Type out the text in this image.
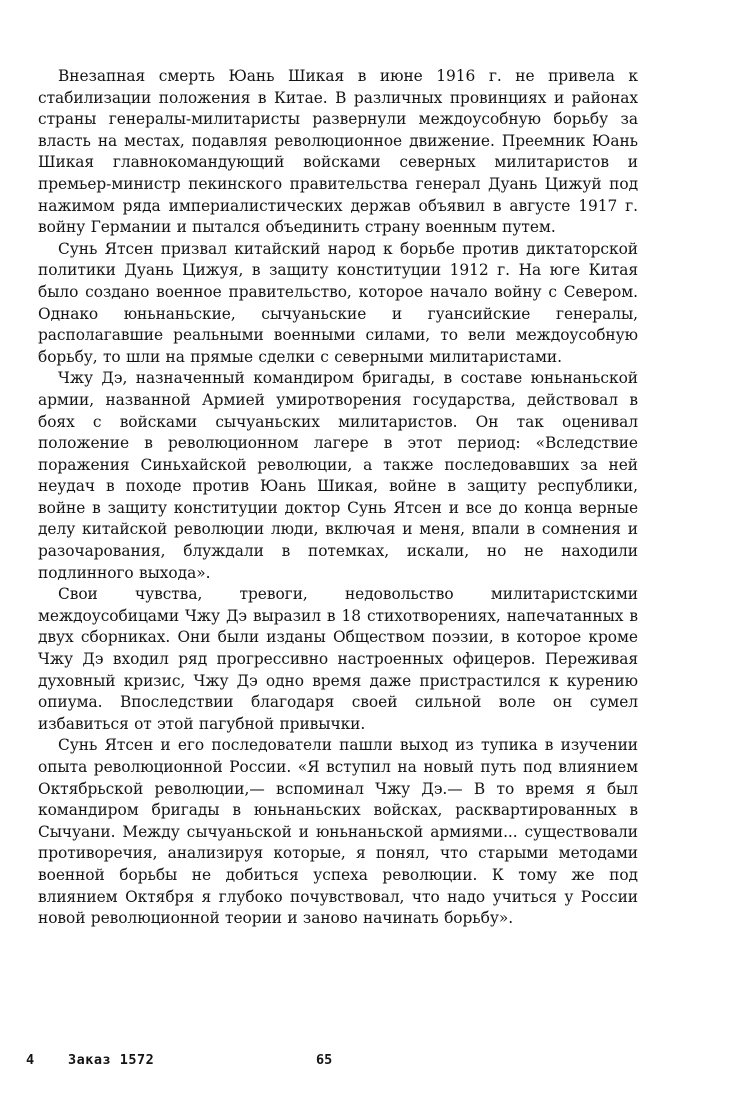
Внезапная смерть Юань Шикая в июне 1916 г. не привела к стабилизации положения в Китае. В различных провинциях и районах страны генералы-милитаристы развернули междоусобную борьбу за власть на местах, подавляя революционное движение. Преемник Юань Шикая главнокомандующий войсками северных милитаристов и премьер-министр пекинского правительства генерал Дуань Цижуй под нажимом ряда империалистических держав объявил в августе 1917 г. войну Германии и пытался объединить страну военным путем.

Сунь Ятсен призвал китайский народ к борьбе против диктаторской политики Дуань Цижуя, в защиту конституции 1912 г. На юге Китая было создано военное правительство, которое начало войну с Севером. Однако юньнаньские, сычуаньские и гуансийские генералы, располагавшие реальными военными силами, то вели междоусобную борьбу, то шли на прямые сделки с северными милитаристами.

Чжу Дэ, назначенный командиром бригады, в составе юньнаньской армии, названной Армией умиротворения государства, действовал в боях с войсками сычуаньских милитаристов. Он так оценивал положение в революционном лагере в этот период: «Вследствие поражения Синьхайской революции, а также последовавших за ней неудач в походе против Юань Шикая, войне в защиту республики, войне в защиту конституции доктор Сунь Ятсен и все до конца верные делу китайской революции люди, включая и меня, впали в сомнения и разочарования, блуждали в потемках, искали, но не находили подлинного выхода».

Свои чувства, тревоги, недовольство милитаристскими междоусобицами Чжу Дэ выразил в 18 стихотворениях, напечатанных в двух сборниках. Они были изданы Обществом поэзии, в которое кроме Чжу Дэ входил ряд прогрессивно настроенных офицеров. Переживая духовный кризис, Чжу Дэ одно время даже пристрастился к курению опиума. Впоследствии благодаря своей сильной воле он сумел избавиться от этой пагубной привычки.

Сунь Ятсен и его последователи пашли выход из тупика в изучении опыта революционной России. «Я вступил на новый путь под влиянием Октябрьской революции,— вспоминал Чжу Дэ.— В то время я был командиром бригады в юньнаньских войсках, расквартированных в Сычуани. Между сычуаньской и юньнаньской армиями... существовали противоречия, анализируя которые, я понял, что старыми методами военной борьбы не добиться успеха революции. К тому же под влиянием Октября я глубоко почувствовал, что надо учиться у России новой революционной теории и заново начинать борьбу».

4	Заказ 1572	65
